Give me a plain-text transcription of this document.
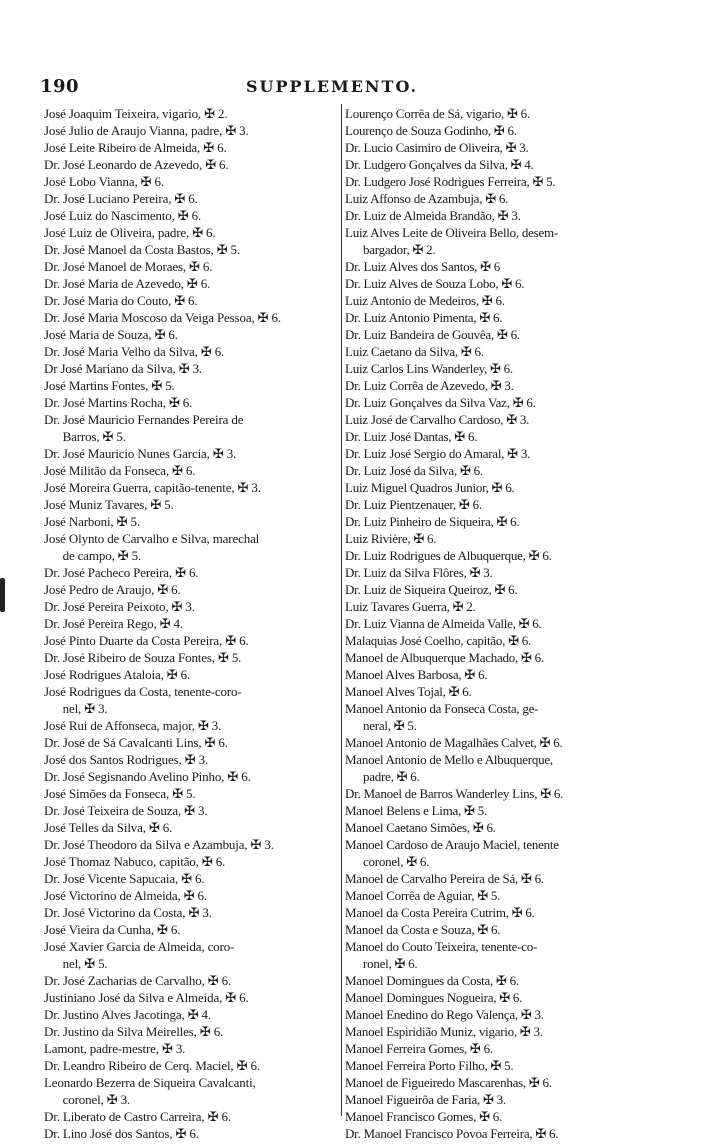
190	SUPPLEMENTO.
José Joaquim Teixeira, vigario, ✠ 2.
José Julio de Araujo Vianna, padre, ✠ 3.
José Leite Ribeiro de Almeida, ✠ 6.
Dr. José Leonardo de Azevedo, ✠ 6.
José Lobo Vianna, ✠ 6.
Dr. José Luciano Pereira, ✠ 6.
José Luiz do Nascimento, ✠ 6.
José Luiz de Oliveira, padre, ✠ 6.
Dr. José Manoel da Costa Bastos, ✠ 5.
Dr. José Manoel de Moraes, ✠ 6.
Dr. José Maria de Azevedo, ✠ 6.
Dr. José Maria do Couto, ✠ 6.
Dr. José Maria Moscoso da Veiga Pessoa, ✠ 6.
José Maria de Souza, ✠ 6.
Dr. José Maria Velho da Silva, ✠ 6.
Dr José Mariano da Silva, ✠ 3.
José Martins Fontes, ✠ 5.
Dr. José Martins Rocha, ✠ 6.
Dr. José Mauricio Fernandes Pereira de
Barros, ✠ 5.
Dr. José Mauricio Nunes Garcia, ✠ 3.
José Militão da Fonseca, ✠ 6.
José Moreira Guerra, capitão-tenente, ✠ 3.
José Muniz Tavares, ✠ 5.
José Narboni, ✠ 5.
José Olynto de Carvalho e Silva, marechal
de campo, ✠ 5.
Dr. José Pacheco Pereira, ✠ 6.
José Pedro de Araujo, ✠ 6.
Dr. José Pereira Peixoto, ✠ 3.
Dr. José Pereira Rego, ✠ 4.
José Pinto Duarte da Costa Pereira, ✠ 6.
Dr. José Ribeiro de Souza Fontes, ✠ 5.
José Rodrigues Ataloia, ✠ 6.
José Rodrigues da Costa, tenente-coro-
nel, ✠ 3.
José Rui de Affonseca, major, ✠ 3.
Dr. José de Sá Cavalcanti Lins, ✠ 6.
José dos Santos Rodrigues, ✠ 3.
Dr. José Segisnando Avelino Pinho, ✠ 6.
José Simões da Fonseca, ✠ 5.
Dr. José Teixeira de Souza, ✠ 3.
José Telles da Silva, ✠ 6.
Dr. José Theodoro da Silva e Azambuja, ✠ 3.
José Thomaz Nabuco, capitão, ✠ 6.
Dr. José Vicente Sapucaia, ✠ 6.
José Victorino de Almeida, ✠ 6.
Dr. José Victorino da Costa, ✠ 3.
José Vieira da Cunha, ✠ 6.
José Xavier Garcia de Almeida, coro-
nel, ✠ 5.
Dr. José Zacharias de Carvalho, ✠ 6.
Justiniano José da Silva e Almeida, ✠ 6.
Dr. Justino Alves Jacotinga, ✠ 4.
Dr. Justino da Silva Meirelles, ✠ 6.
Lamont, padre-mestre, ✠ 3.
Dr. Leandro Ribeiro de Cerq. Maciel, ✠ 6.
Leonardo Bezerra de Siqueira Cavalcanti,
coronel, ✠ 3.
Dr. Liberato de Castro Carreira, ✠ 6.
Dr. Lino José dos Santos, ✠ 6.
Lourenço Corrêa de Sá, vigario, ✠ 6.
Lourenço de Souza Godinho, ✠ 6.
Dr. Lucio Casimiro de Oliveira, ✠ 3.
Dr. Ludgero Gonçalves da Silva, ✠ 4.
Dr. Ludgero José Rodrigues Ferreira, ✠ 5.
Luiz Affonso de Azambuja, ✠ 6.
Dr. Luiz de Almeida Brandão, ✠ 3.
Luiz Alves Leite de Oliveira Bello, desem-
bargador, ✠ 2.
Dr. Luiz Alves dos Santos, ✠ 6
Dr. Luiz Alves de Souza Lobo, ✠ 6.
Luiz Antonio de Medeiros, ✠ 6.
Dr. Luiz Antonio Pimenta, ✠ 6.
Dr. Luiz Bandeira de Gouvêa, ✠ 6.
Luiz Caetano da Silva, ✠ 6.
Luiz Carlos Lins Wanderley, ✠ 6.
Dr. Luiz Corrêa de Azevedo, ✠ 3.
Dr. Luiz Gonçalves da Silva Vaz, ✠ 6.
Luiz José de Carvalho Cardoso, ✠ 3.
Dr. Luiz José Dantas, ✠ 6.
Dr. Luiz José Sergio do Amaral, ✠ 3.
Dr. Luiz José da Silva, ✠ 6.
Luiz Miguel Quadros Junior, ✠ 6.
Dr. Luiz Pientzenauer, ✠ 6.
Dr. Luiz Pinheiro de Siqueira, ✠ 6.
Luiz Rivière, ✠ 6.
Dr. Luiz Rodrigues de Albuquerque, ✠ 6.
Dr. Luiz da Silva Flôres, ✠ 3.
Dr. Luiz de Siqueira Queiroz, ✠ 6.
Luiz Tavares Guerra, ✠ 2.
Dr. Luiz Vianna de Almeida Valle, ✠ 6.
Malaquias José Coelho, capitão, ✠ 6.
Manoel de Albuquerque Machado, ✠ 6.
Manoel Alves Barbosa, ✠ 6.
Manoel Alves Tojal, ✠ 6.
Manoel Antonio da Fonseca Costa, ge-
neral, ✠ 5.
Manoel Antonio de Magalhães Calvet, ✠ 6.
Manoel Antonio de Mello e Albuquerque,
padre, ✠ 6.
Dr. Manoel de Barros Wanderley Lins, ✠ 6.
Manoel Belens e Lima, ✠ 5.
Manoel Caetano Simões, ✠ 6.
Manoel Cardoso de Araujo Maciel, tenente
coronel, ✠ 6.
Manoel de Carvalho Pereira de Sá, ✠ 6.
Manoel Corrêa de Aguiar, ✠ 5.
Manoel da Costa Pereira Cutrim, ✠ 6.
Manoel da Costa e Souza, ✠ 6.
Manoel do Couto Teixeira, tenente-co-
ronel, ✠ 6.
Manoel Domingues da Costa, ✠ 6.
Manoel Domingues Nogueira, ✠ 6.
Manoel Enedino do Rego Valença, ✠ 3.
Manoel Espiridião Muniz, vigario, ✠ 3.
Manoel Ferreira Gomes, ✠ 6.
Manoel Ferreira Porto Filho, ✠ 5.
Manoel de Figueiredo Mascarenhas, ✠ 6.
Manoel Figueirôa de Faria, ✠ 3.
Manoel Francisco Gomes, ✠ 6.
Dr. Manoel Francisco Povoa Ferreira, ✠ 6.
